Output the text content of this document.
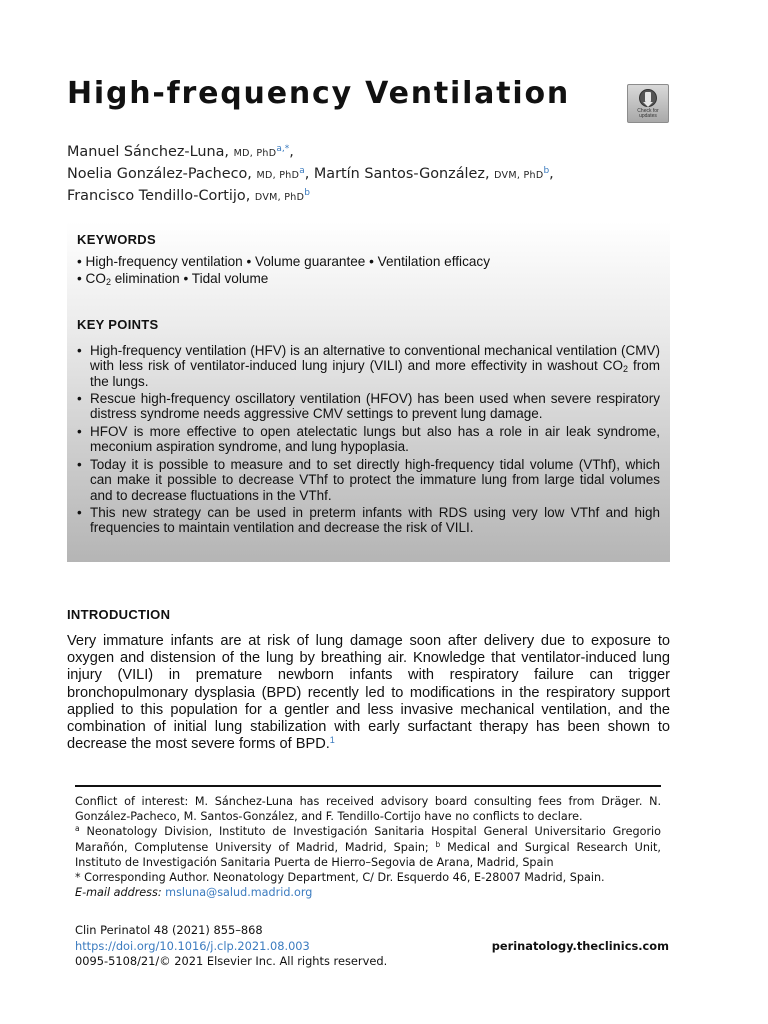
High-frequency Ventilation	Check for updates
Manuel Sánchez-Luna, MD, PhD$^{a,*}$,
Noelia González-Pacheco, MD, PhD$^a$, Martín Santos-González, DVM, PhD$^b$,
Francisco Tendillo-Cortijo, DVM, PhD$^b$
KEYWORDS
• High-frequency ventilation • Volume guarantee • Ventilation efficacy
• $CO_2$ elimination • Tidal volume
KEY POINTS
• High-frequency ventilation (HFV) is an alternative to conventional mechanical ventilation (CMV) with less risk of ventilator-induced lung injury (VILI) and more effectivity in washout $CO_2$ from the lungs.
• Rescue high-frequency oscillatory ventilation (HFOV) has been used when severe respiratory distress syndrome needs aggressive CMV settings to prevent lung damage.
• HFOV is more effective to open atelectatic lungs but also has a role in air leak syndrome, meconium aspiration syndrome, and lung hypoplasia.
• Today it is possible to measure and to set directly high-frequency tidal volume (VThf), which can make it possible to decrease VThf to protect the immature lung from large tidal volumes and to decrease fluctuations in the VThf.
• This new strategy can be used in preterm infants with RDS using very low VThf and high frequencies to maintain ventilation and decrease the risk of VILI.
INTRODUCTION

Very immature infants are at risk of lung damage soon after delivery due to exposure to oxygen and distension of the lung by breathing air. Knowledge that ventilator-induced lung injury (VILI) in premature newborn infants with respiratory failure can trigger bronchopulmonary dysplasia (BPD) recently led to modifications in the respiratory support applied to this population for a gentler and less invasive mechanical ventilation, and the combination of initial lung stabilization with early surfactant therapy has been shown to decrease the most severe forms of BPD.$^1$

Conflict of interest: M. Sánchez-Luna has received advisory board consulting fees from Dräger. N. González-Pacheco, M. Santos-González, and F. Tendillo-Cortijo have no conflicts to declare.

$^a$ Neonatology Division, Instituto de Investigación Sanitaria Hospital General Universitario Gregorio Marañón, Complutense University of Madrid, Madrid, Spain; $^b$ Medical and Surgical Research Unit, Instituto de Investigación Sanitaria Puerta de Hierro–Segovia de Arana, Madrid, Spain

* Corresponding Author. Neonatology Department, C/ Dr. Esquerdo 46, E-28007 Madrid, Spain.

E-mail address: msluna@salud.madrid.org

Clin Perinatol 48 (2021) 855–868
https://doi.org/10.1016/j.clp.2021.08.003
0095-5108/21/© 2021 Elsevier Inc. All rights reserved.
perinatology.theclinics.com
